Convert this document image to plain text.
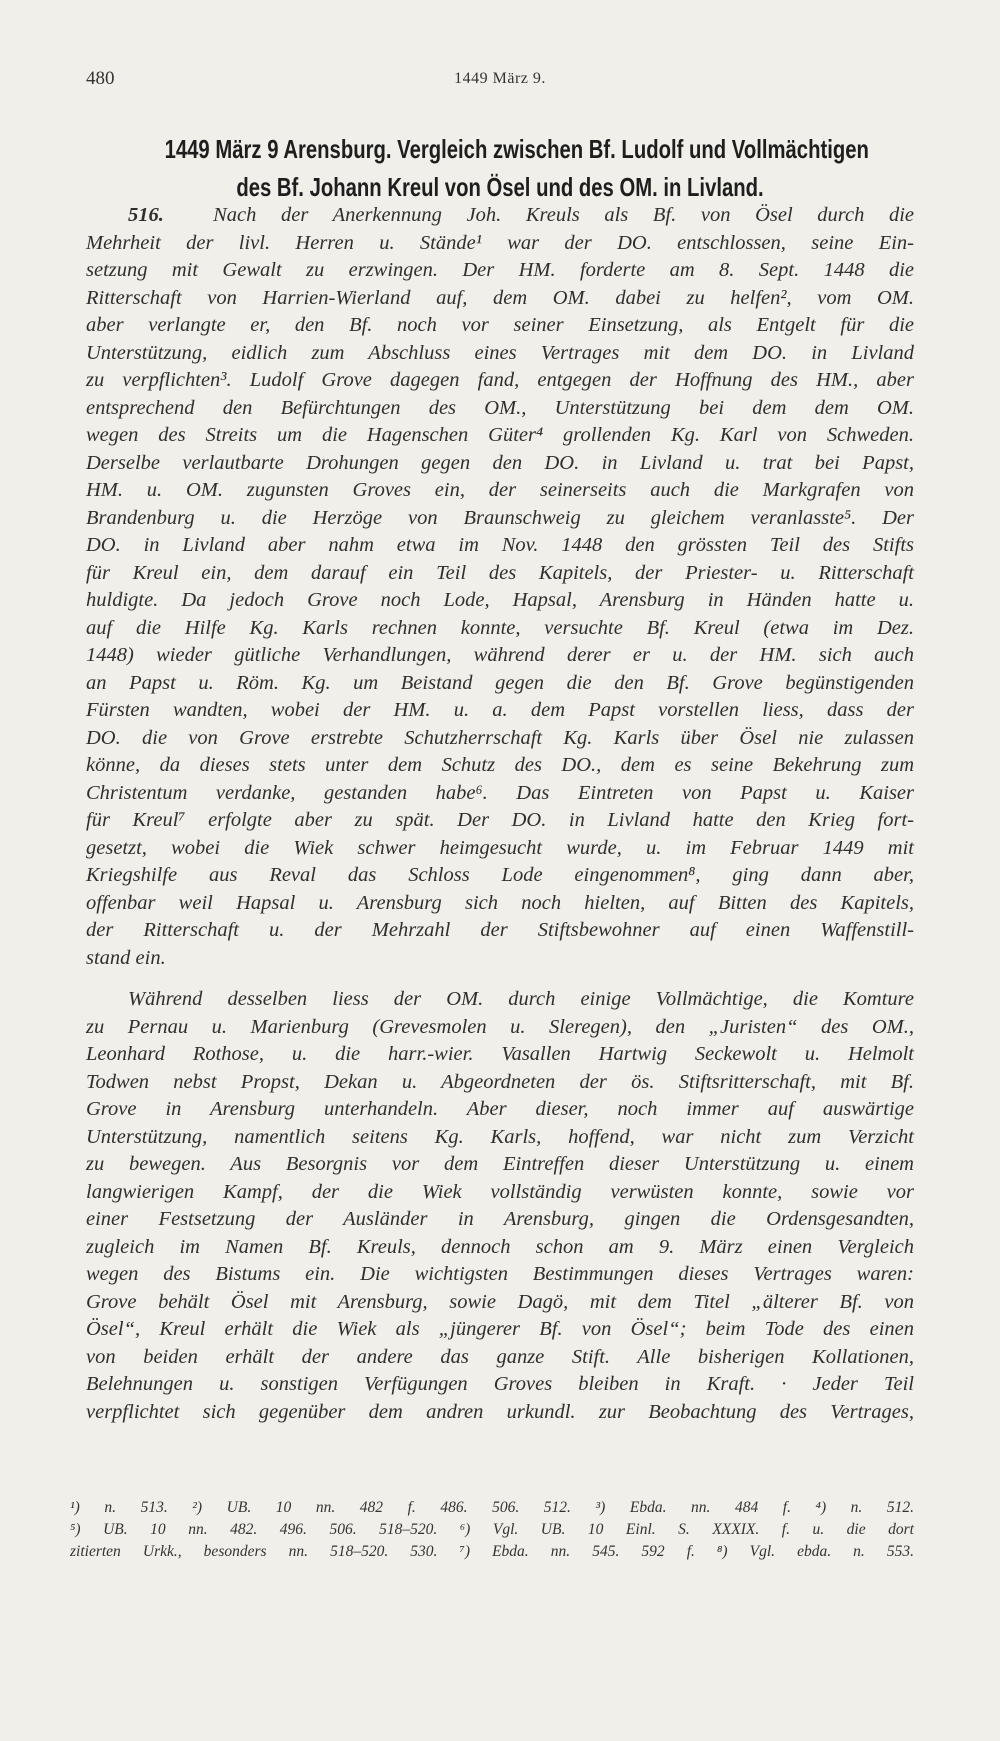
480	1449 März 9.
1449 März 9 Arensburg. Vergleich zwischen Bf. Ludolf und Vollmächtigen
des Bf. Johann Kreul von Ösel und des OM. in Livland.
516. Nach der Anerkennung Joh. Kreuls als Bf. von Ösel durch die
Mehrheit der livl. Herren u. Stände¹ war der DO. entschlossen, seine Ein-
setzung mit Gewalt zu erzwingen. Der HM. forderte am 8. Sept. 1448 die
Ritterschaft von Harrien-Wierland auf, dem OM. dabei zu helfen², vom OM.
aber verlangte er, den Bf. noch vor seiner Einsetzung, als Entgelt für die
Unterstützung, eidlich zum Abschluss eines Vertrages mit dem DO. in Livland
zu verpflichten³. Ludolf Grove dagegen fand, entgegen der Hoffnung des HM., aber
entsprechend den Befürchtungen des OM., Unterstützung bei dem dem OM.
wegen des Streits um die Hagenschen Güter⁴ grollenden Kg. Karl von Schweden.
Derselbe verlautbarte Drohungen gegen den DO. in Livland u. trat bei Papst,
HM. u. OM. zugunsten Groves ein, der seinerseits auch die Markgrafen von
Brandenburg u. die Herzöge von Braunschweig zu gleichem veranlasste⁵. Der
DO. in Livland aber nahm etwa im Nov. 1448 den grössten Teil des Stifts
für Kreul ein, dem darauf ein Teil des Kapitels, der Priester- u. Ritterschaft
huldigte. Da jedoch Grove noch Lode, Hapsal, Arensburg in Händen hatte u.
auf die Hilfe Kg. Karls rechnen konnte, versuchte Bf. Kreul (etwa im Dez.
1448) wieder gütliche Verhandlungen, während derer er u. der HM. sich auch
an Papst u. Röm. Kg. um Beistand gegen die den Bf. Grove begünstigenden
Fürsten wandten, wobei der HM. u. a. dem Papst vorstellen liess, dass der
DO. die von Grove erstrebte Schutzherrschaft Kg. Karls über Ösel nie zulassen
könne, da dieses stets unter dem Schutz des DO., dem es seine Bekehrung zum
Christentum verdanke, gestanden habe⁶. Das Eintreten von Papst u. Kaiser
für Kreul⁷ erfolgte aber zu spät. Der DO. in Livland hatte den Krieg fort-
gesetzt, wobei die Wiek schwer heimgesucht wurde, u. im Februar 1449 mit
Kriegshilfe aus Reval das Schloss Lode eingenommen⁸, ging dann aber,
offenbar weil Hapsal u. Arensburg sich noch hielten, auf Bitten des Kapitels,
der Ritterschaft u. der Mehrzahl der Stiftsbewohner auf einen Waffenstill-
stand ein.
Während desselben liess der OM. durch einige Vollmächtige, die Komture
zu Pernau u. Marienburg (Grevesmolen u. Sleregen), den „Juristen“ des OM.,
Leonhard Rothose, u. die harr.-wier. Vasallen Hartwig Seckewolt u. Helmolt
Todwen nebst Propst, Dekan u. Abgeordneten der ös. Stiftsritterschaft, mit Bf.
Grove in Arensburg unterhandeln. Aber dieser, noch immer auf auswärtige
Unterstützung, namentlich seitens Kg. Karls, hoffend, war nicht zum Verzicht
zu bewegen. Aus Besorgnis vor dem Eintreffen dieser Unterstützung u. einem
langwierigen Kampf, der die Wiek vollständig verwüsten konnte, sowie vor
einer Festsetzung der Ausländer in Arensburg, gingen die Ordensgesandten,
zugleich im Namen Bf. Kreuls, dennoch schon am 9. März einen Vergleich
wegen des Bistums ein. Die wichtigsten Bestimmungen dieses Vertrages waren:
Grove behält Ösel mit Arensburg, sowie Dagö, mit dem Titel „älterer Bf. von
Ösel“, Kreul erhält die Wiek als „jüngerer Bf. von Ösel“; beim Tode des einen
von beiden erhält der andere das ganze Stift. Alle bisherigen Kollationen,
Belehnungen u. sonstigen Verfügungen Groves bleiben in Kraft. · Jeder Teil
verpflichtet sich gegenüber dem andren urkundl. zur Beobachtung des Vertrages,
¹) n. 513. ²) UB. 10 nn. 482 f. 486. 506. 512. ³) Ebda. nn. 484 f. ⁴) n. 512.
⁵) UB. 10 nn. 482. 496. 506. 518–520. ⁶) Vgl. UB. 10 Einl. S. XXXIX. f. u. die dort
zitierten Urkk., besonders nn. 518–520. 530. ⁷) Ebda. nn. 545. 592 f. ⁸) Vgl. ebda. n. 553.
